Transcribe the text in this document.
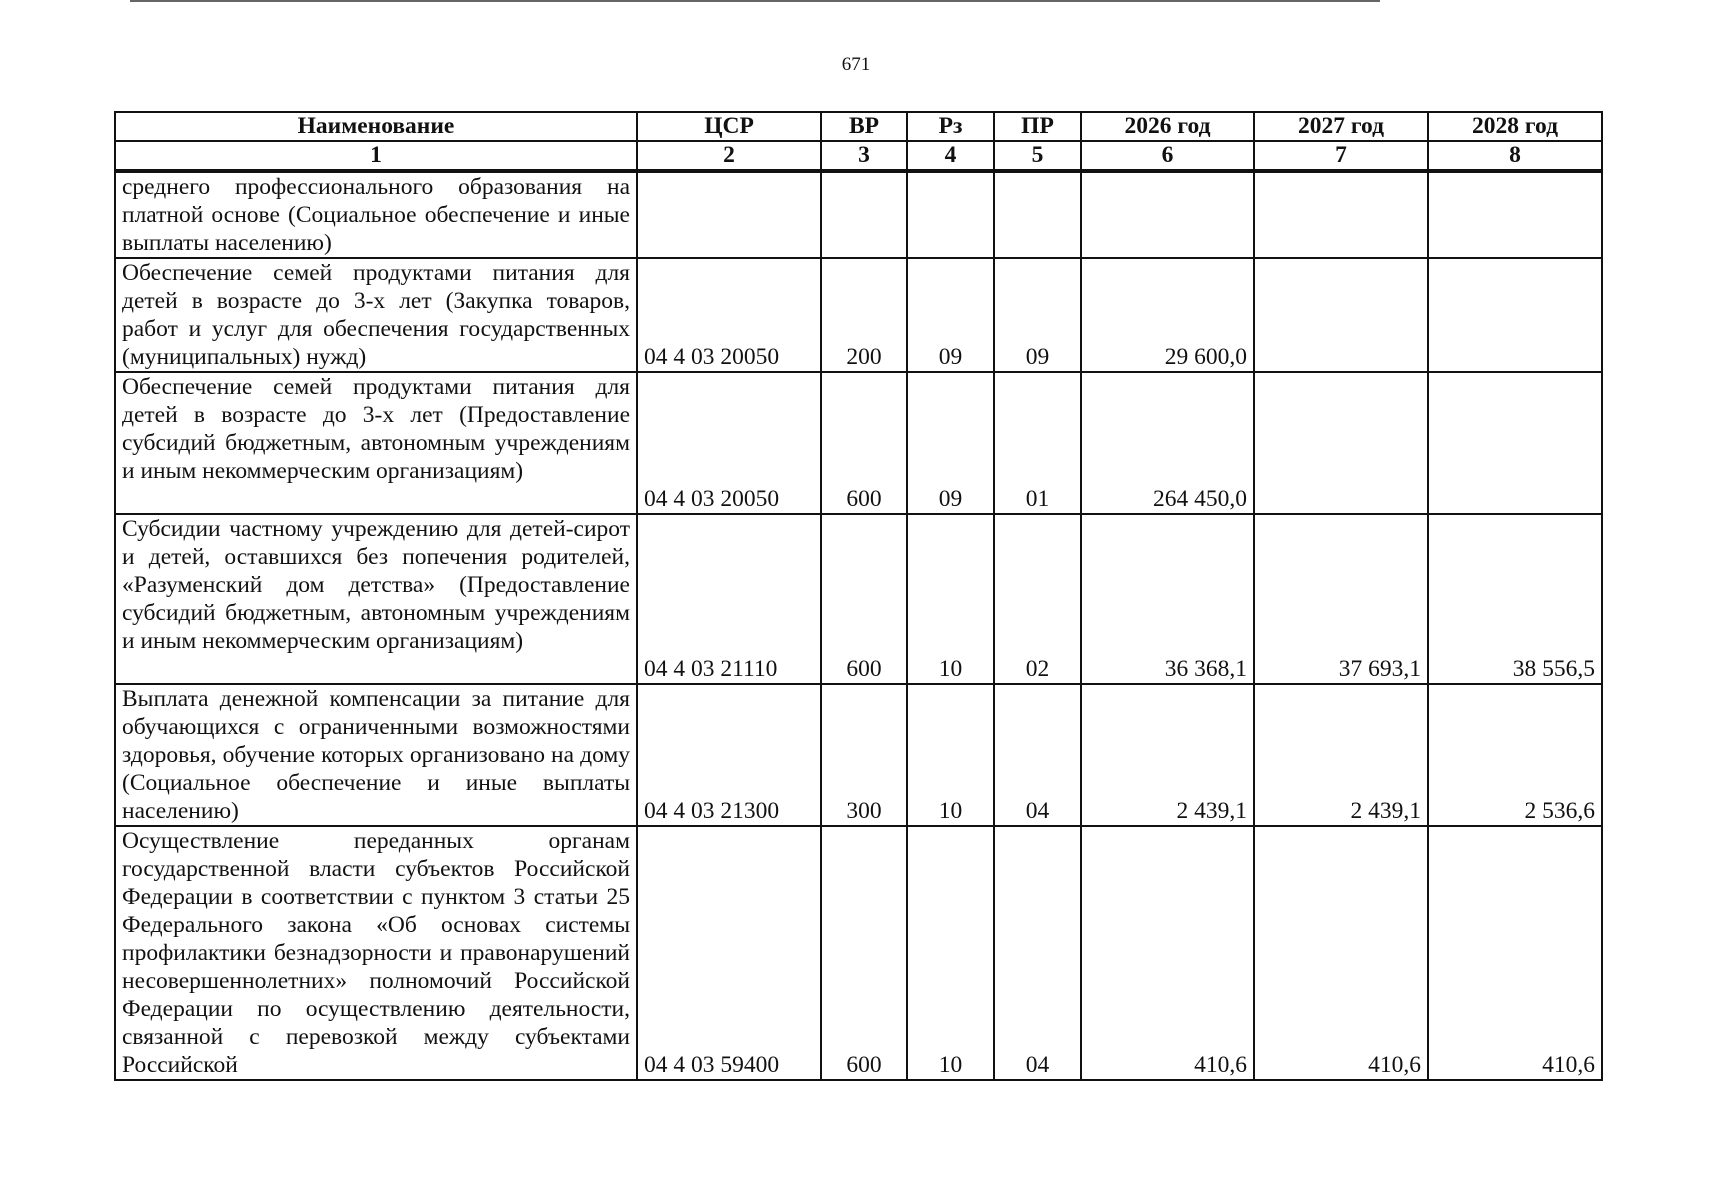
671
Наименование	ЦСР	ВР	Рз	ПР	2026 год	2027 год	2028 год
1	2	3	4	5	6	7	8
среднего профессионального образования на платной основе (Социальное обеспечение и иные выплаты населению)							
Обеспечение семей продуктами питания для детей в возрасте до 3-х лет (Закупка товаров, работ и услуг для обеспечения государственных (муниципальных) нужд)	04 4 03 20050	200	09	09	29 600,0		
Обеспечение семей продуктами питания для детей в возрасте до 3-х лет (Предоставление субсидий бюджетным, автономным учреждениям и иным некоммерческим организациям)	04 4 03 20050	600	09	01	264 450,0		
Субсидии частному учреждению для детей-сирот и детей, оставшихся без попечения родителей, «Разуменский дом детства» (Предоставление субсидий бюджетным, автономным учреждениям и иным некоммерческим организациям)	04 4 03 21110	600	10	02	36 368,1	37 693,1	38 556,5
Выплата денежной компенсации за питание для обучающихся с ограниченными возможностями здоровья, обучение которых организовано на дому (Социальное обеспечение и иные выплаты населению)	04 4 03 21300	300	10	04	2 439,1	2 439,1	2 536,6
Осуществление переданных органам государственной власти субъектов Российской Федерации в соответствии с пунктом 3 статьи 25 Федерального закона «Об основах системы профилактики безнадзорности и правонарушений несовершеннолетних» полномочий Российской Федерации по осуществлению деятельности, связанной с перевозкой между субъектами Российской	04 4 03 59400	600	10	04	410,6	410,6	410,6
